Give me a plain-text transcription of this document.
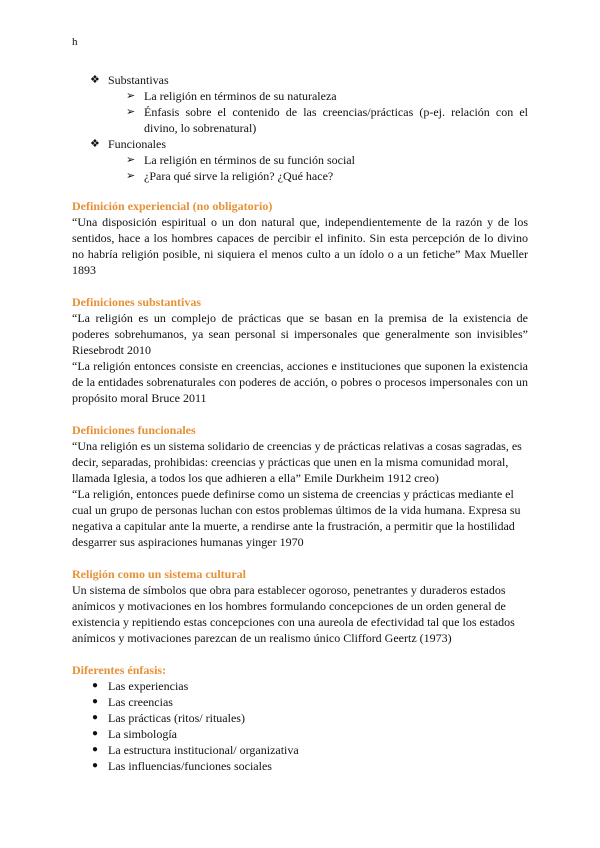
h
❖ Substantivas
➢ La religión en términos de su naturaleza
➢ Énfasis sobre el contenido de las creencias/prácticas (p-ej. relación con el divino, lo sobrenatural)
❖ Funcionales
➢ La religión en términos de su función social
➢ ¿Para qué sirve la religión? ¿Qué hace?
Definición experiencial (no obligatorio)

“Una disposición espiritual o un don natural que, independientemente de la razón y de los sentidos, hace a los hombres capaces de percibir el infinito. Sin esta percepción de lo divino no habría religión posible, ni siquiera el menos culto a un ídolo o a un fetiche” Max Mueller 1893

Definiciones substantivas

“La religión es un complejo de prácticas que se basan en la premisa de la existencia de poderes sobrehumanos, ya sean personal si impersonales que generalmente son invisibles” Riesebrodt 2010

“La religión entonces consiste en creencias, acciones e instituciones que suponen la existencia de la entidades sobrenaturales con poderes de acción, o pobres o procesos impersonales con un propósito moral Bruce 2011

Definiciones funcionales

“Una religión es un sistema solidario de creencias y de prácticas relativas a cosas sagradas, es decir, separadas, prohibidas: creencias y prácticas que unen en la misma comunidad moral, llamada Iglesia, a todos los que adhieren a ella” Emile Durkheim 1912 creo)

“La religión, entonces puede definirse como un sistema de creencias y prácticas mediante el cual un grupo de personas luchan con estos problemas últimos de la vida humana. Expresa su negativa a capitular ante la muerte, a rendirse ante la frustración, a permitir que la hostilidad desgarrer sus aspiraciones humanas yinger 1970

Religión como un sistema cultural

Un sistema de símbolos que obra para establecer ogoroso, penetrantes y duraderos estados anímicos y motivaciones en los hombres formulando concepciones de un orden general de existencia y repitiendo estas concepciones con una aureola de efectividad tal que los estados anímicos y motivaciones parezcan de un realismo único Clifford Geertz (1973)

Diferentes énfasis:
● Las experiencias
● Las creencias
● Las prácticas (ritos/ rituales)
● La simbología
● La estructura institucional/ organizativa
● Las influencias/funciones sociales
